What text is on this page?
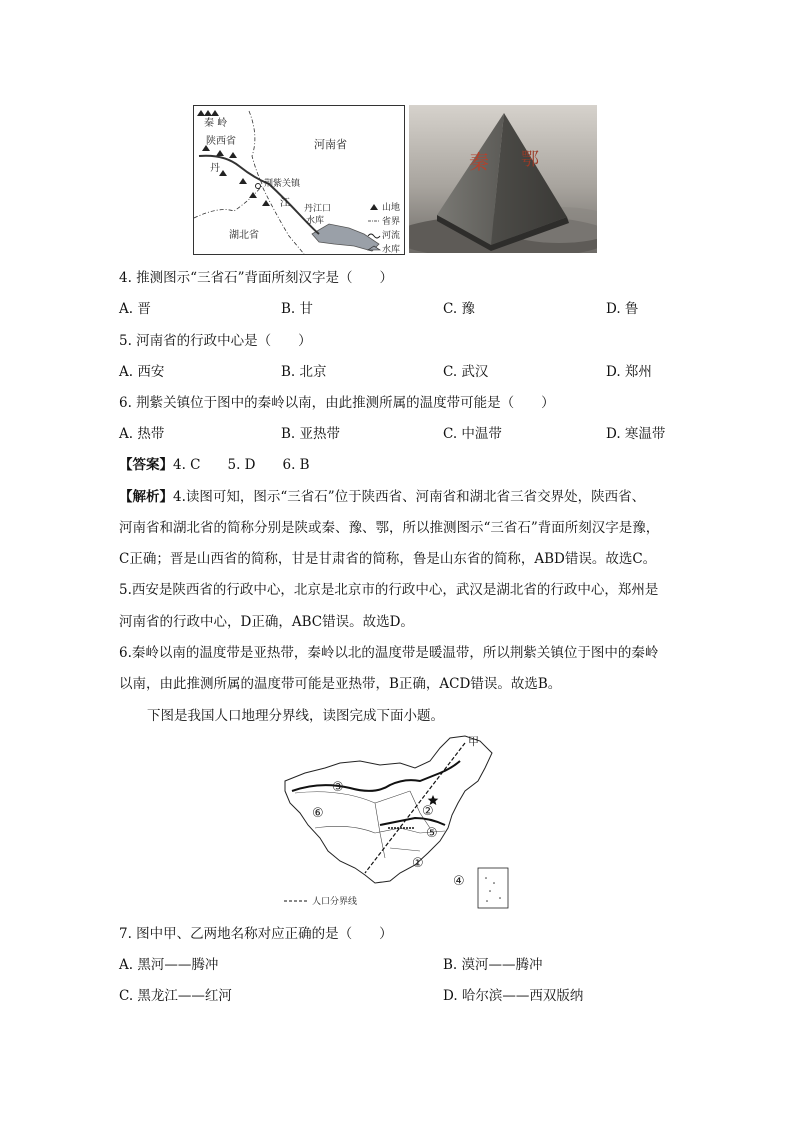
秦 岭
陕西省	河南省
丹
荆紫关镇
江 丹江口
水库
湖北省
山地
省界
河流
水库
秦 鄂
4. 推测图示“三省石”背面所刻汉字是（　　）
A. 晋	B. 甘	C. 豫	D. 鲁
5. 河南省的行政中心是（　　）
A. 西安	B. 北京	C. 武汉	D. 郑州
6. 荆紫关镇位于图中的秦岭以南，由此推测所属的温度带可能是（　　）
A. 热带	B. 亚热带	C. 中温带	D. 寒温带
【答案】4. C　　5. D　　6. B
【解析】4.读图可知，图示“三省石”位于陕西省、河南省和湖北省三省交界处，陕西省、
河南省和湖北省的简称分别是陕或秦、豫、鄂，所以推测图示“三省石”背面所刻汉字是豫，
C正确；晋是山西省的简称，甘是甘肃省的简称，鲁是山东省的简称，ABD错误。故选C。
5.西安是陕西省的行政中心，北京是北京市的行政中心，武汉是湖北省的行政中心，郑州是
河南省的行政中心，D正确，ABC错误。故选D。
6.秦岭以南的温度带是亚热带，秦岭以北的温度带是暖温带，所以荆紫关镇位于图中的秦岭
以南，由此推测所属的温度带可能是亚热带，B正确，ACD错误。故选B。
下图是我国人口地理分界线，读图完成下面小题。
③
②
⑥
⑤
①
④
甲
人口分界线
7. 图中甲、乙两地名称对应正确的是（　　）
A. 黑河——腾冲	B. 漠河——腾冲
C. 黑龙江——红河	D. 哈尔滨——西双版纳
